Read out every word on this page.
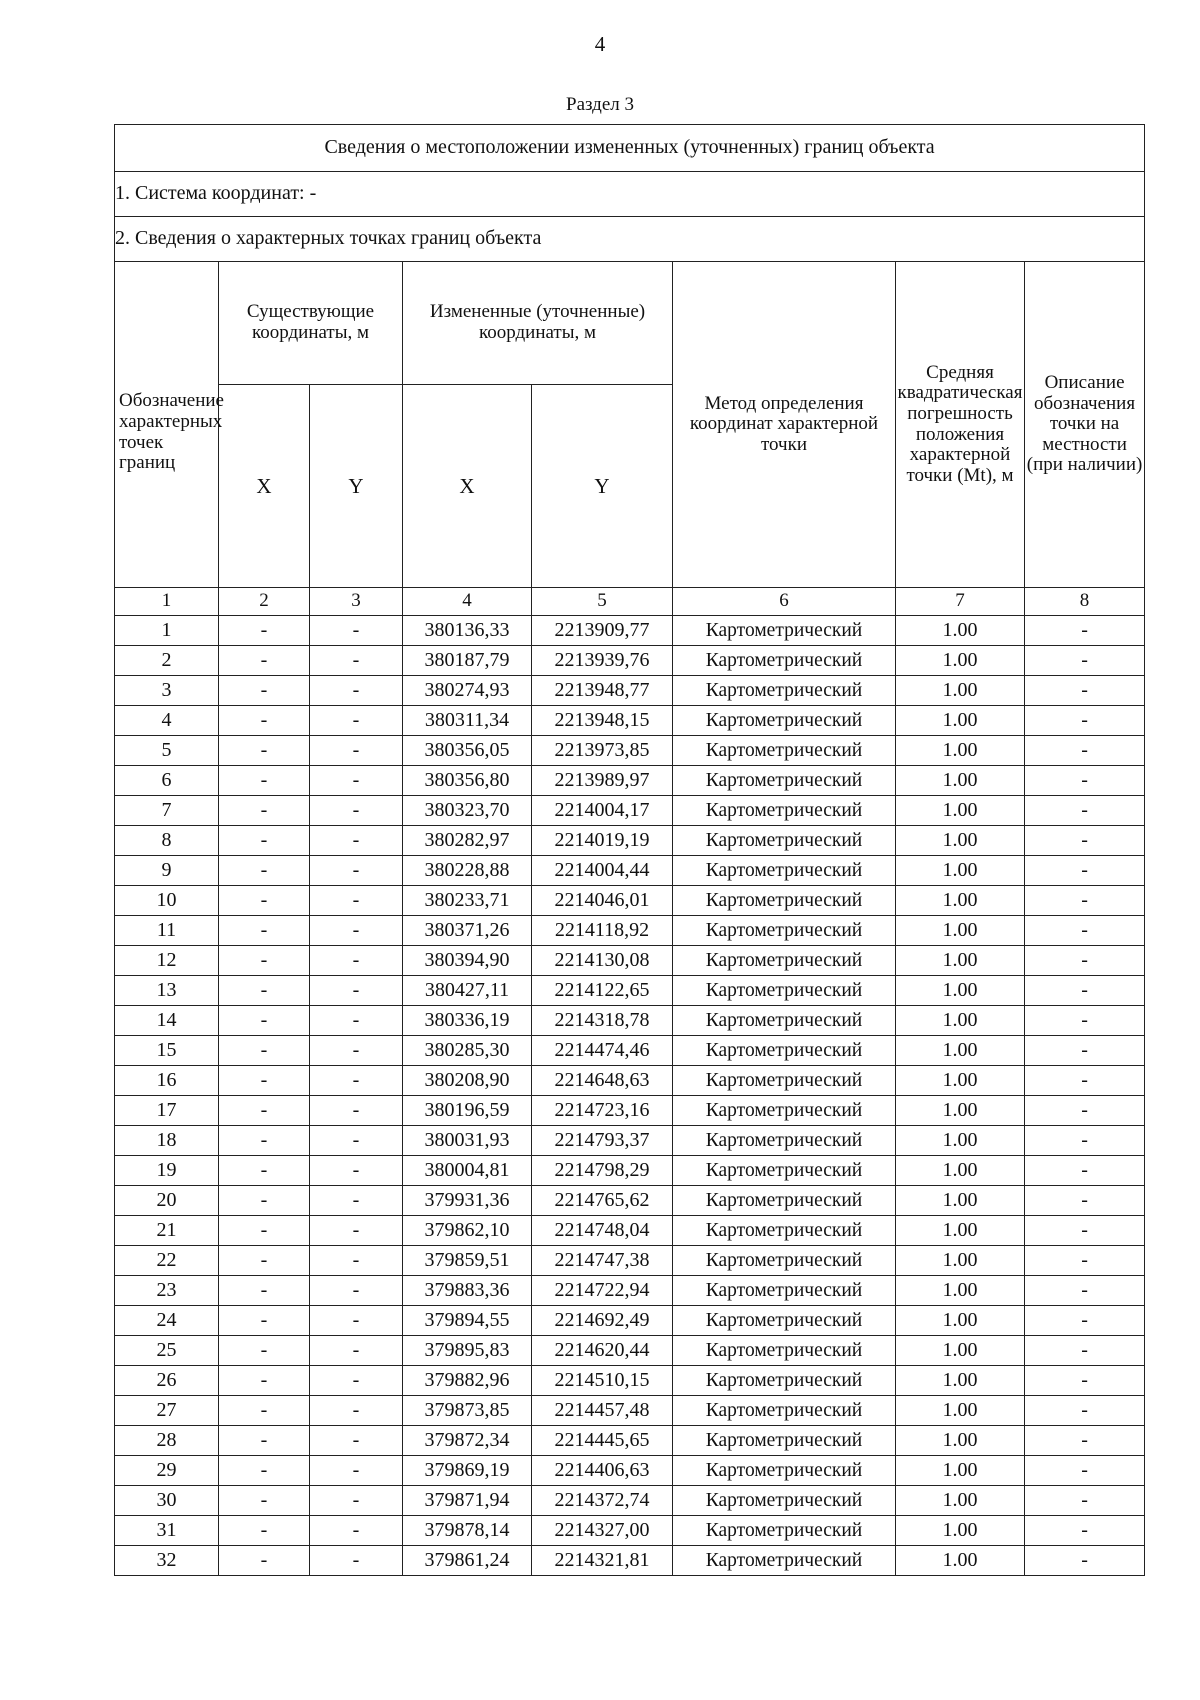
4
Раздел 3
Сведения о местоположении измененных (уточненных) границ объекта							
1. Система координат: -							
2. Сведения о характерных точках границ объекта							
Обозначение характерных точек границ	Существующие координаты, м		Измененные (уточненные) координаты, м		Метод определения координат характерной точки	Средняя квадратическая погрешность положения характерной точки (Mt), м	Описание обозначения точки на местности (при наличии)
	X	Y	X	Y			
1	2	3	4	5	6	7	8
1	-	-	380136,33	2213909,77	Картометрический	1.00	-
2	-	-	380187,79	2213939,76	Картометрический	1.00	-
3	-	-	380274,93	2213948,77	Картометрический	1.00	-
4	-	-	380311,34	2213948,15	Картометрический	1.00	-
5	-	-	380356,05	2213973,85	Картометрический	1.00	-
6	-	-	380356,80	2213989,97	Картометрический	1.00	-
7	-	-	380323,70	2214004,17	Картометрический	1.00	-
8	-	-	380282,97	2214019,19	Картометрический	1.00	-
9	-	-	380228,88	2214004,44	Картометрический	1.00	-
10	-	-	380233,71	2214046,01	Картометрический	1.00	-
11	-	-	380371,26	2214118,92	Картометрический	1.00	-
12	-	-	380394,90	2214130,08	Картометрический	1.00	-
13	-	-	380427,11	2214122,65	Картометрический	1.00	-
14	-	-	380336,19	2214318,78	Картометрический	1.00	-
15	-	-	380285,30	2214474,46	Картометрический	1.00	-
16	-	-	380208,90	2214648,63	Картометрический	1.00	-
17	-	-	380196,59	2214723,16	Картометрический	1.00	-
18	-	-	380031,93	2214793,37	Картометрический	1.00	-
19	-	-	380004,81	2214798,29	Картометрический	1.00	-
20	-	-	379931,36	2214765,62	Картометрический	1.00	-
21	-	-	379862,10	2214748,04	Картометрический	1.00	-
22	-	-	379859,51	2214747,38	Картометрический	1.00	-
23	-	-	379883,36	2214722,94	Картометрический	1.00	-
24	-	-	379894,55	2214692,49	Картометрический	1.00	-
25	-	-	379895,83	2214620,44	Картометрический	1.00	-
26	-	-	379882,96	2214510,15	Картометрический	1.00	-
27	-	-	379873,85	2214457,48	Картометрический	1.00	-
28	-	-	379872,34	2214445,65	Картометрический	1.00	-
29	-	-	379869,19	2214406,63	Картометрический	1.00	-
30	-	-	379871,94	2214372,74	Картометрический	1.00	-
31	-	-	379878,14	2214327,00	Картометрический	1.00	-
32	-	-	379861,24	2214321,81	Картометрический	1.00	-
